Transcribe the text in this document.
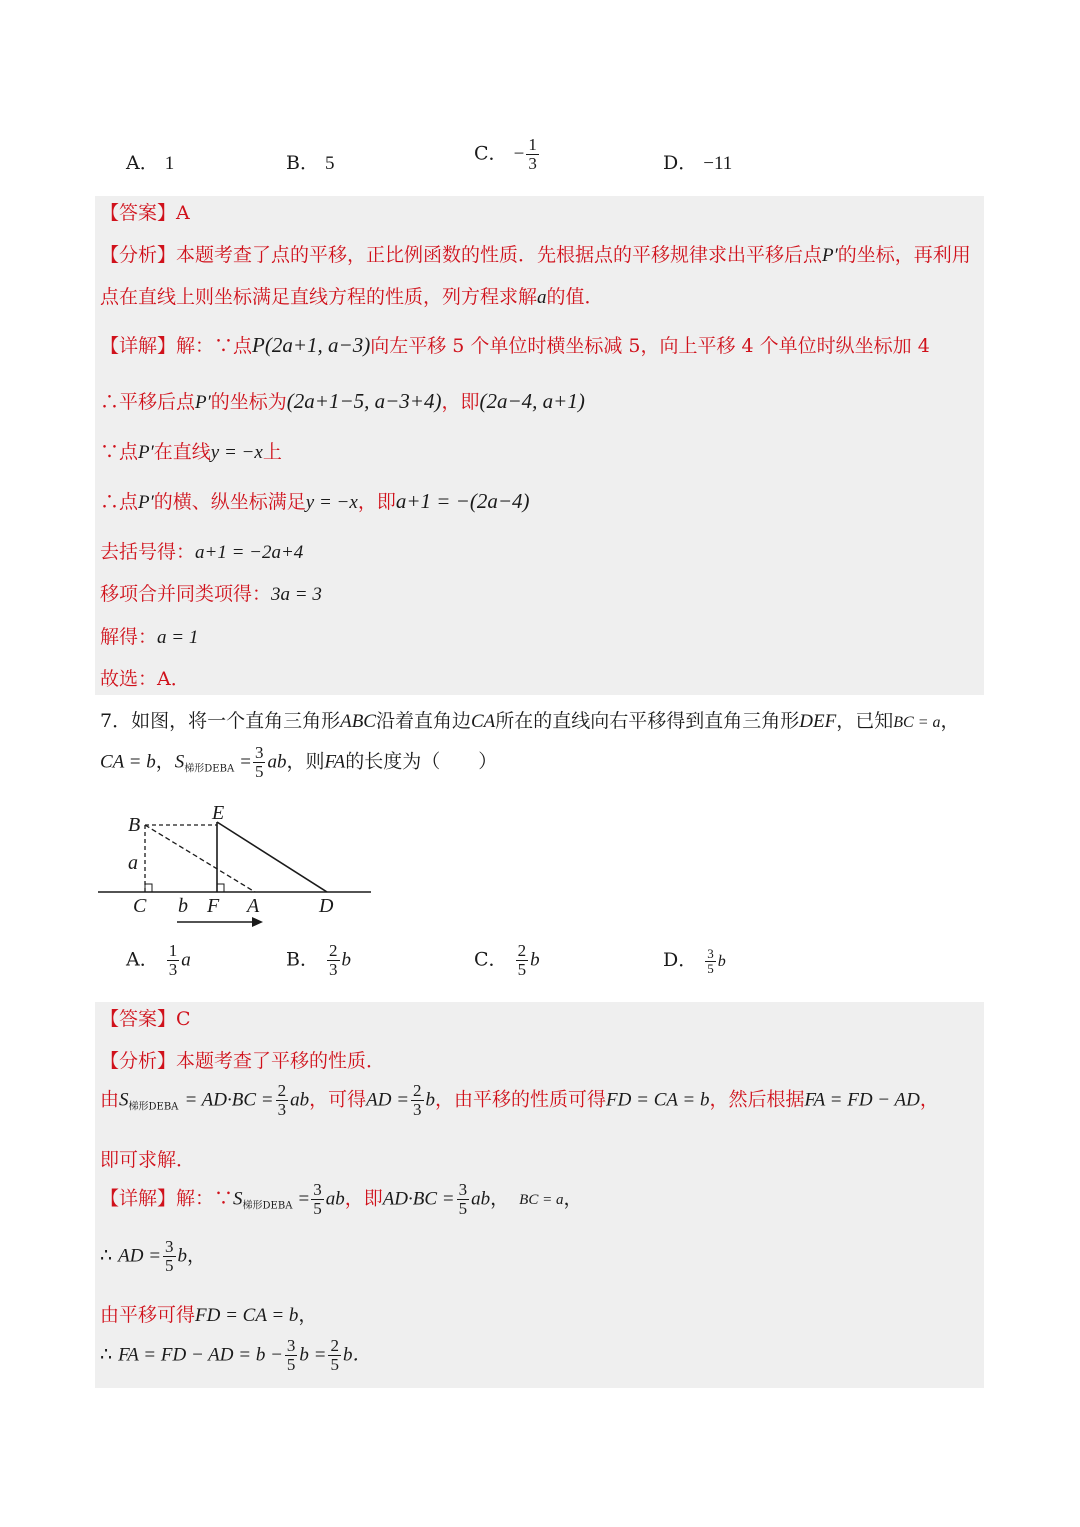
A． 1	B． 5	C． − $\frac{1}{3}$	D． −11
【答案】A
【分析】本题考查了点的平移，正比例函数的性质．先根据点的平移规律求出平移后点P′的坐标，再利用
点在直线上则坐标满足直线方程的性质，列方程求解a的值．
【详解】解：∵点P(2a+1, a−3)向左平移 5 个单位时横坐标减 5，向上平移 4 个单位时纵坐标加 4
∴平移后点P′的坐标为(2a+1−5, a−3+4)，即(2a−4, a+1)
∵点P′在直线y = −x上
∴点P′的横、纵坐标满足y = −x，即a+1 = −(2a−4)
去括号得：a+1 = −2a+4
移项合并同类项得：3a = 3
解得：a = 1
故选：A．
7．如图，将一个直角三角形ABC沿着直角边CA所在的直线向右平移得到直角三角形DEF，已知BC = a，
CA = b，$S_{梯形DEBA} = \frac{3}{5}$ ab，则FA的长度为（　　）
B
E
a
C b F A	D
A． $\frac{1}{3}$ a	B． $\frac{2}{3}$ b	C． $\frac{2}{5}$ b	D． $\frac{3}{5}$ b
【答案】C
【分析】本题考查了平移的性质．
由$S_{梯形DEBA} = AD\cdot BC = \frac{2}{3}$ ab，可得AD = $\frac{2}{3}$ b，由平移的性质可得FD = CA = b，然后根据FA = FD − AD，
即可求解．
【详解】解：$\because S_{梯形DEBA} = \frac{3}{5}$ ab，即$AD\cdot BC = \frac{3}{5}$ ab， BC = a，
∴ AD = $\frac{3}{5}$ b，
由平移可得FD = CA = b，
∴ FA = FD − AD = $b - \frac{3}{5}$ $b = \frac{2}{5}$ b．
